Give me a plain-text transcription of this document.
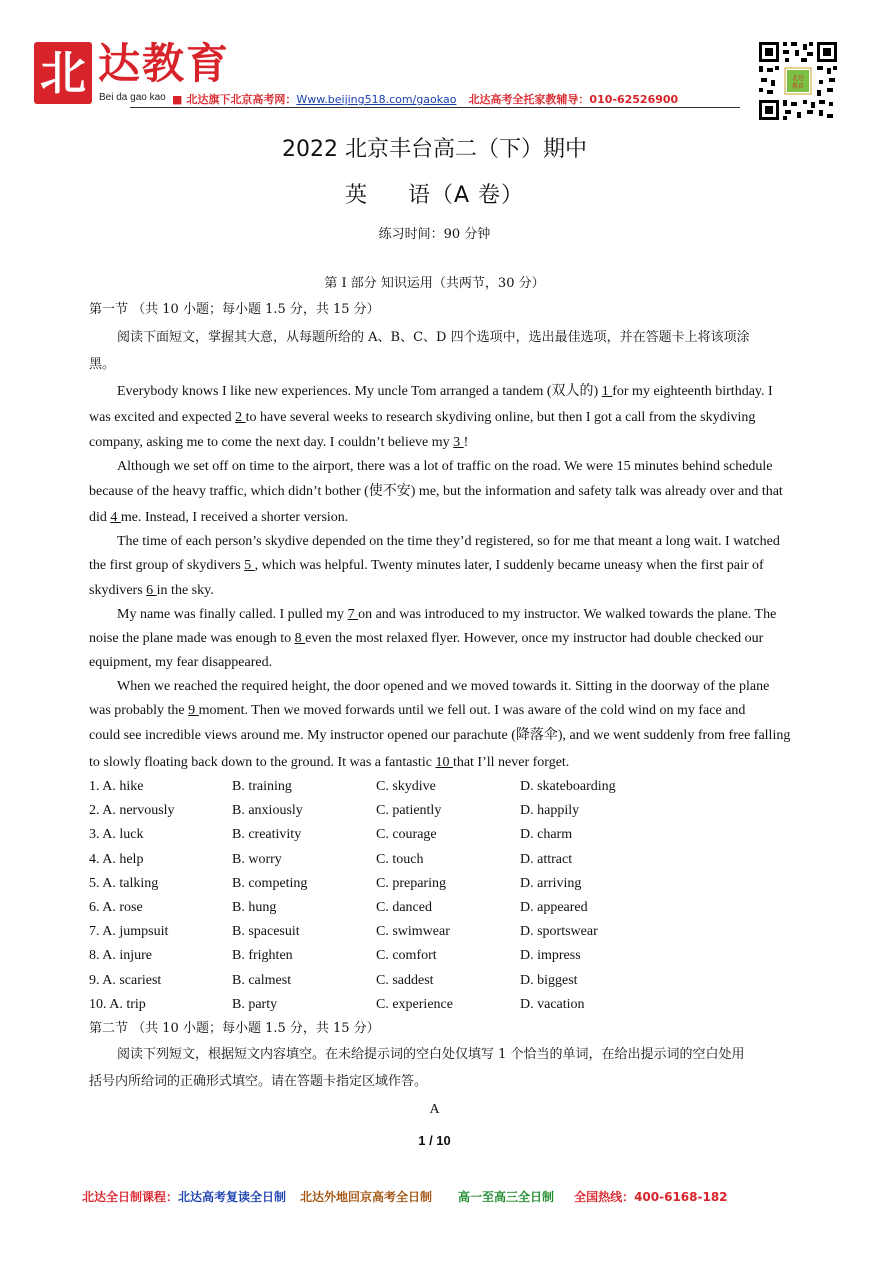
北 达教育
Bei da gao kao ■ 北达旗下北京高考网：Www.beijing518.com/gaokao 北达高考全托家教辅导：010-62526900
北达
教育
2022 北京丰台高二（下）期中
英 语（A 卷）
练习时间：90 分钟
第 I 部分 知识运用（共两节，30 分）
第一节 （共 10 小题；每小题 1.5 分，共 15 分）
阅读下面短文，掌握其大意，从每题所给的 A、B、C、D 四个选项中，选出最佳选项，并在答题卡上将该项涂
黑。
Everybody knows I like new experiences. My uncle Tom arranged a tandem (双人的) 1 for my eighteenth birthday. I
was excited and expected 2 to have several weeks to research skydiving online, but then I got a call from the skydiving
company, asking me to come the next day. I couldn’t believe my 3 !
Although we set off on time to the airport, there was a lot of traffic on the road. We were 15 minutes behind schedule
because of the heavy traffic, which didn’t bother (使不安) me, but the information and safety talk was already over and that
did 4 me. Instead, I received a shorter version.
The time of each person’s skydive depended on the time they’d registered, so for me that meant a long wait. I watched
the first group of skydivers 5 , which was helpful. Twenty minutes later, I suddenly became uneasy when the first pair of
skydivers 6 in the sky.
My name was finally called. I pulled my 7 on and was introduced to my instructor. We walked towards the plane. The
noise the plane made was enough to 8 even the most relaxed flyer. However, once my instructor had double checked our
equipment, my fear disappeared.
When we reached the required height, the door opened and we moved towards it. Sitting in the doorway of the plane
was probably the 9 moment. Then we moved forwards until we fell out. I was aware of the cold wind on my face and
could see incredible views around me. My instructor opened our parachute (降落伞), and we went suddenly from free falling
to slowly floating back down to the ground. It was a fantastic 10 that I’ll never forget.
1. A. hike	B. training	C. skydive	D. skateboarding
2. A. nervously	B. anxiously	C. patiently	D. happily
3. A. luck	B. creativity	C. courage	D. charm
4. A. help	B. worry	C. touch	D. attract
5. A. talking	B. competing	C. preparing	D. arriving
6. A. rose	B. hung	C. danced	D. appeared
7. A. jumpsuit	B. spacesuit	C. swimwear	D. sportswear
8. A. injure	B. frighten	C. comfort	D. impress
9. A. scariest	B. calmest	C. saddest	D. biggest
10. A. trip	B. party	C. experience	D. vacation
第二节 （共 10 小题；每小题 1.5 分，共 15 分）
阅读下列短文，根据短文内容填空。在未给提示词的空白处仅填写 1 个恰当的单词，在给出提示词的空白处用
括号内所给词的正确形式填空。请在答题卡指定区域作答。
A
1 / 10
北达全日制课程：北达高考复读全日制 北达外地回京高考全日制 高一至高三全日制 全国热线：400-6168-182
